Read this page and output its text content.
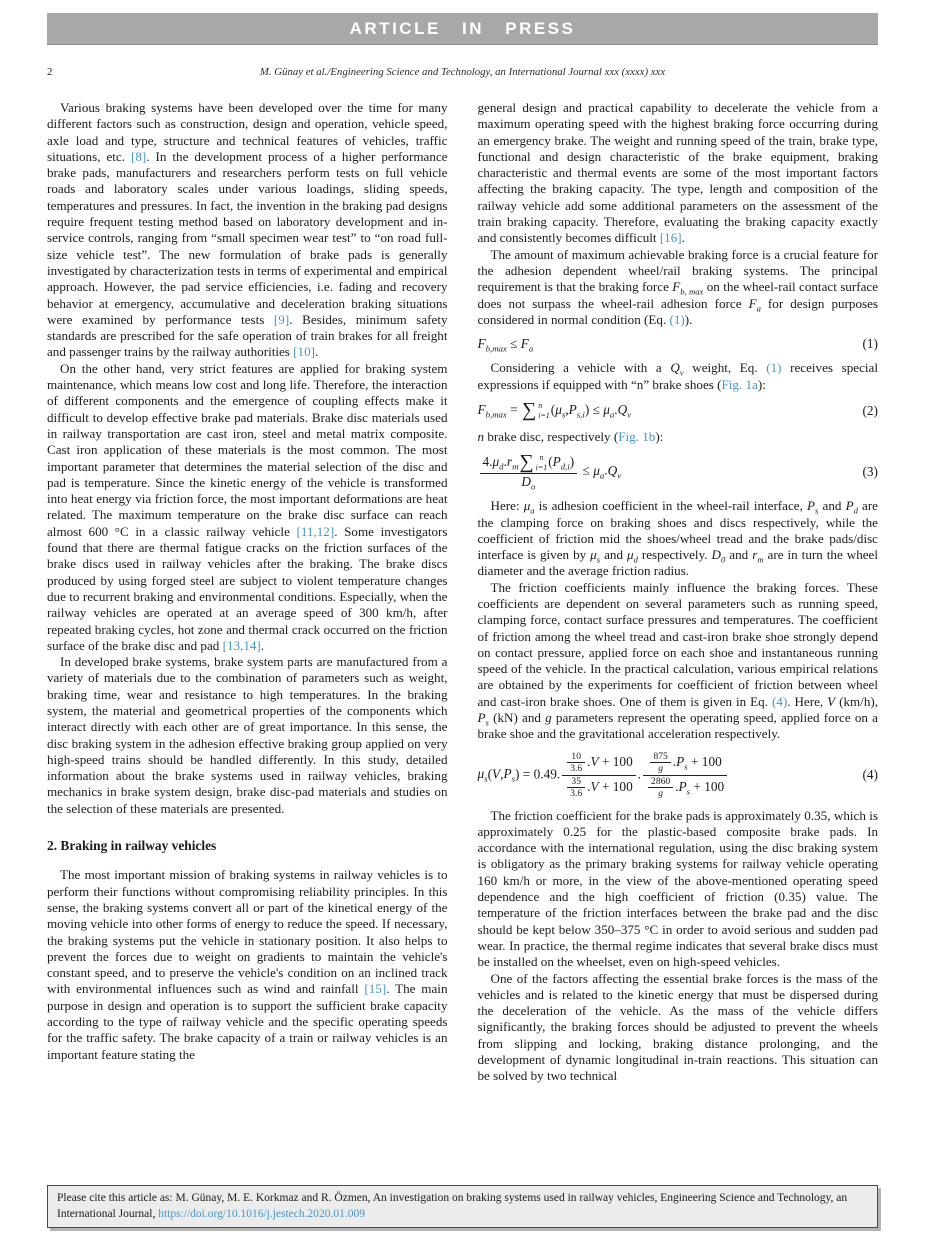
ARTICLE IN PRESS
2	M. Günay et al./Engineering Science and Technology, an International Journal xxx (xxxx) xxx

Various braking systems have been developed over the time for many different factors such as construction, design and operation, vehicle speed, axle load and type, structure and technical features of vehicles, traffic situations, etc. [8]. In the development process of a higher performance brake pads, manufacturers and researchers perform tests on full vehicle roads and laboratory scales under various loadings, sliding speeds, temperatures and pressures. In fact, the invention in the braking pad designs require frequent testing method based on laboratory development and in-service controls, ranging from “small specimen wear test” to “on road full-size vehicle test”. The new formulation of brake pads is generally investigated by characterization tests in terms of experimental and empirical approach. However, the pad service efficiencies, i.e. fading and recovery behavior at emergency, accumulative and deceleration braking situations were examined by performance tests [9]. Besides, minimum safety standards are prescribed for the safe operation of train brakes for all freight and passenger trains by the railway authorities [10].

On the other hand, very strict features are applied for braking system maintenance, which means low cost and long life. Therefore, the interaction of different components and the emergence of coupling effects make it difficult to develop effective brake pad materials. Brake disc materials used in railway transportation are cast iron, steel and metal matrix composite. Cast iron application of these materials is the most common. The most important parameter that determines the material selection of the disc and pad is temperature. Since the kinetic energy of the vehicle is transformed into heat energy via friction force, the most important deformations are heat related. The maximum temperature on the brake disc surface can reach almost 600 °C in a classic railway vehicle [11,12]. Some investigators found that there are thermal fatigue cracks on the friction surfaces of the brake discs used in railway vehicles after the braking. The brake discs produced by using forged steel are subject to violent temperature changes due to recurrent braking and environmental conditions. Especially, when the railway vehicles are operated at an average speed of 300 km/h, after repeated braking cycles, hot zone and thermal crack occurred on the friction surface of the brake disc and pad [13,14].

In developed brake systems, brake system parts are manufactured from a variety of materials due to the combination of parameters such as weight, braking time, wear and resistance to high temperatures. In the braking system, the material and geometrical properties of the components which interact directly with each other are of great importance. In this sense, the disc braking system in the adhesion effective braking group applied on very high-speed trains should be handled differently. In this study, detailed information about the brake systems used in railway vehicles, braking mechanics in brake system design, brake disc-pad materials and studies on the selection of these materials are presented.

2. Braking in railway vehicles

The most important mission of braking systems in railway vehicles is to perform their functions without compromising reliability principles. In this sense, the braking systems convert all or part of the kinetical energy of the moving vehicle into other forms of energy to reduce the speed. If necessary, the braking systems put the vehicle in stationary position. It also helps to prevent the forces due to weight on gradients to maintain the vehicle's constant speed, and to preserve the vehicle's condition on an inclined track with environmental influences such as wind and rainfall [15]. The main purpose in design and operation is to support the sufficient brake capacity according to the type of railway vehicle and the specific operating speeds for the traffic safety. The brake capacity of a train or railway vehicles is an important feature stating the

general design and practical capability to decelerate the vehicle from a maximum operating speed with the highest braking force occurring during an emergency brake. The weight and running speed of the train, brake type, functional and design characteristic of the brake equipment, braking characteristic and thermal events are some of the most important factors affecting the braking capacity. The type, length and composition of the railway vehicle add some additional parameters on the assessment of the train braking capacity. Therefore, evaluating the braking capacity exactly and consistently becomes difficult [16].

The amount of maximum achievable braking force is a crucial feature for the adhesion dependent wheel/rail braking systems. The principal requirement is that the braking force $F_{b, max}$ on the wheel-rail contact surface does not surpass the wheel-rail adhesion force $F_a$ for design purposes considered in normal condition (Eq. (1)).

$F_{b,max} \le F_a$	(1)

Considering a vehicle with a $Q_v$ weight, Eq. (1) receives special expressions if equipped with “n” brake shoes (Fig. 1a):

$F_{b,max}$ = ∑ n
i=1 $(\mu_s,P_{s,i}) \le \mu_a.Q_v$	(2)

n brake disc, respectively (Fig. 1b):

$4.\mu_d.r_m$ ∑ n
i=1 $(P_{d,i})$
$D_o \le \mu_a.Q_v$	(3)

Here: $\mu_a$ is adhesion coefficient in the wheel-rail interface, $P_s$ and $P_d$ are the clamping force on braking shoes and discs respectively, while the coefficient of friction mid the shoes/wheel tread and the brake pads/disc interface is given by $\mu_s$ and $\mu_d$ respectively. $D_0$ and $r_m$ are in turn the wheel diameter and the average friction radius.

The friction coefficients mainly influence the braking forces. These coefficients are dependent on several parameters such as running speed, clamping force, contact surface pressures and temperatures. The coefficient of friction among the wheel tread and cast-iron brake shoe strongly depend on contact pressure, applied force on each shoe and instantaneous running speed of the vehicle. In the practical calculation, various empirical relations are obtained by the experiments for coefficient of friction between wheel and cast-iron brake shoes. One of them is given in Eq. (4). Here, V (km/h), $P_s$ (kN) and g parameters represent the operating speed, applied force on a brake shoe and the gravitational acceleration respectively.

$\mu_s(V,P_s) = 0.49$. $\frac{\frac{10}{3.6} .V + 100}{\frac{35}{3.6} .V + 100}$ . $\frac{\frac{875}{g} .P_s + 100}{\frac{2860}{g} .P_s + 100}$	(4)

The friction coefficient for the brake pads is approximately 0.35, which is approximately 0.25 for the plastic-based composite brake pads. In accordance with the international regulation, using the disc braking system is obligatory as the primary braking systems for railway vehicle operating 160 km/h or more, in the view of the above-mentioned operating speed dependence and the high coefficient of friction (0.35) value. The temperature of the friction interfaces between the brake pad and the disc should be kept below 350–375 °C in order to avoid serious and sudden pad wear. In practice, the thermal regime indicates that several brake discs must be installed on the wheelset, even on high-speed vehicles.

One of the factors affecting the essential brake forces is the mass of the vehicles and is related to the kinetic energy that must be dispersed during the deceleration of the vehicle. As the mass of the vehicle differs significantly, the braking forces should be adjusted to prevent the wheels from slipping and locking, braking distance prolonging, and the development of dynamic longitudinal in-train reactions. This situation can be solved by two technical

Please cite this article as: M. Günay, M. E. Korkmaz and R. Özmen, An investigation on braking systems used in railway vehicles, Engineering Science and Technology, an International Journal, https://doi.org/10.1016/j.jestech.2020.01.009
